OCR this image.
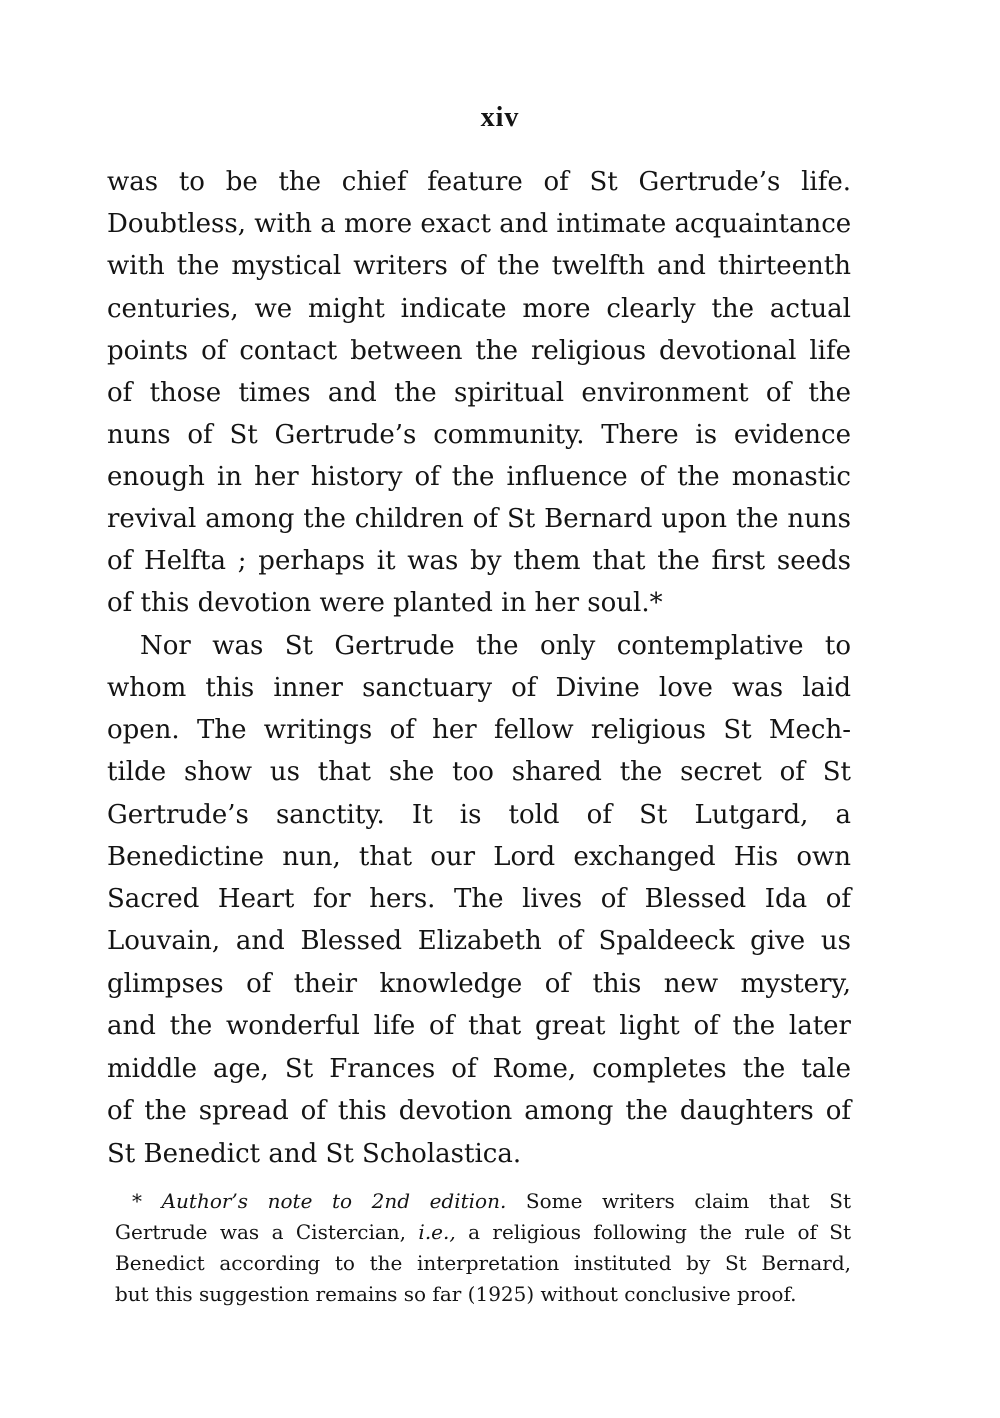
xiv
was to be the chief feature of St Gertrude’s life.
Doubtless, with a more exact and intimate acquaintance
with the mystical writers of the twelfth and thirteenth
centuries, we might indicate more clearly the actual
points of contact between the religious devotional life
of those times and the spiritual environment of the
nuns of St Gertrude’s community. There is evidence
enough in her history of the influence of the monastic
revival among the children of St Bernard upon the nuns
of Helfta ; perhaps it was by them that the first seeds
of this devotion were planted in her soul.*
Nor was St Gertrude the only contemplative to
whom this inner sanctuary of Divine love was laid
open. The writings of her fellow religious St Mech-
tilde show us that she too shared the secret of St
Gertrude’s sanctity. It is told of St Lutgard, a
Benedictine nun, that our Lord exchanged His own
Sacred Heart for hers. The lives of Blessed Ida of
Louvain, and Blessed Elizabeth of Spaldeeck give us
glimpses of their knowledge of this new mystery,
and the wonderful life of that great light of the later
middle age, St Frances of Rome, completes the tale
of the spread of this devotion among the daughters of
St Benedict and St Scholastica.
* Author’s note to 2nd edition. Some writers claim that St
Gertrude was a Cistercian, i.e., a religious following the rule of St
Benedict according to the interpretation instituted by St Bernard,
but this suggestion remains so far (1925) without conclusive proof.
